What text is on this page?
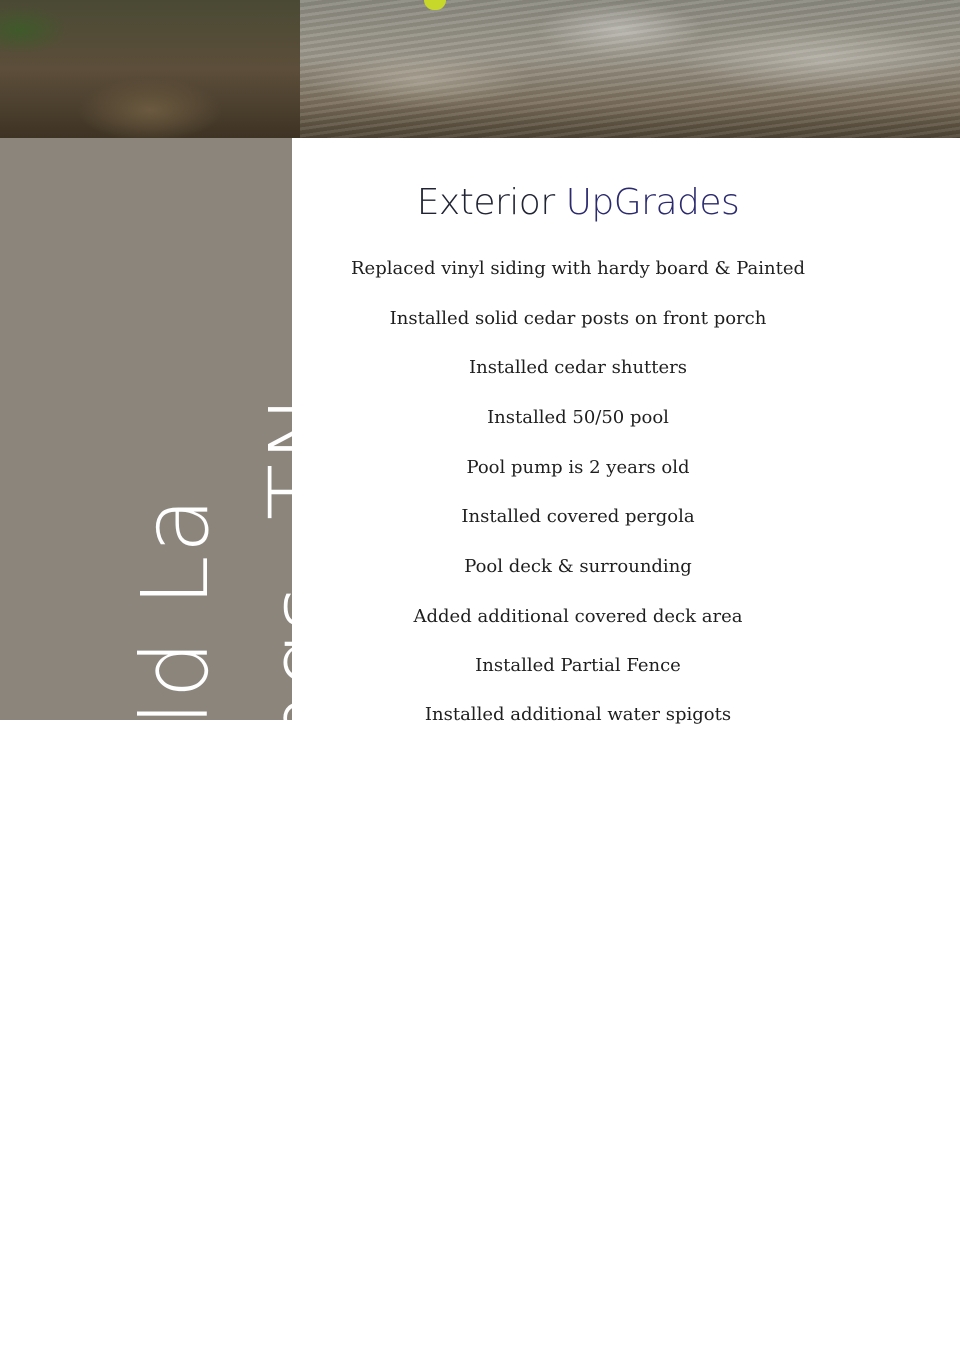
679 Greenfield La astalian Springs, TN
Exterior UpGrades
Replaced vinyl siding with hardy board & Painted
Installed solid cedar posts on front porch
Installed cedar shutters
Installed 50/50 pool
Pool pump is 2 years old
Installed covered pergola
Pool deck & surrounding
Added additional covered deck area
Installed Partial Fence
Installed additional water spigots
